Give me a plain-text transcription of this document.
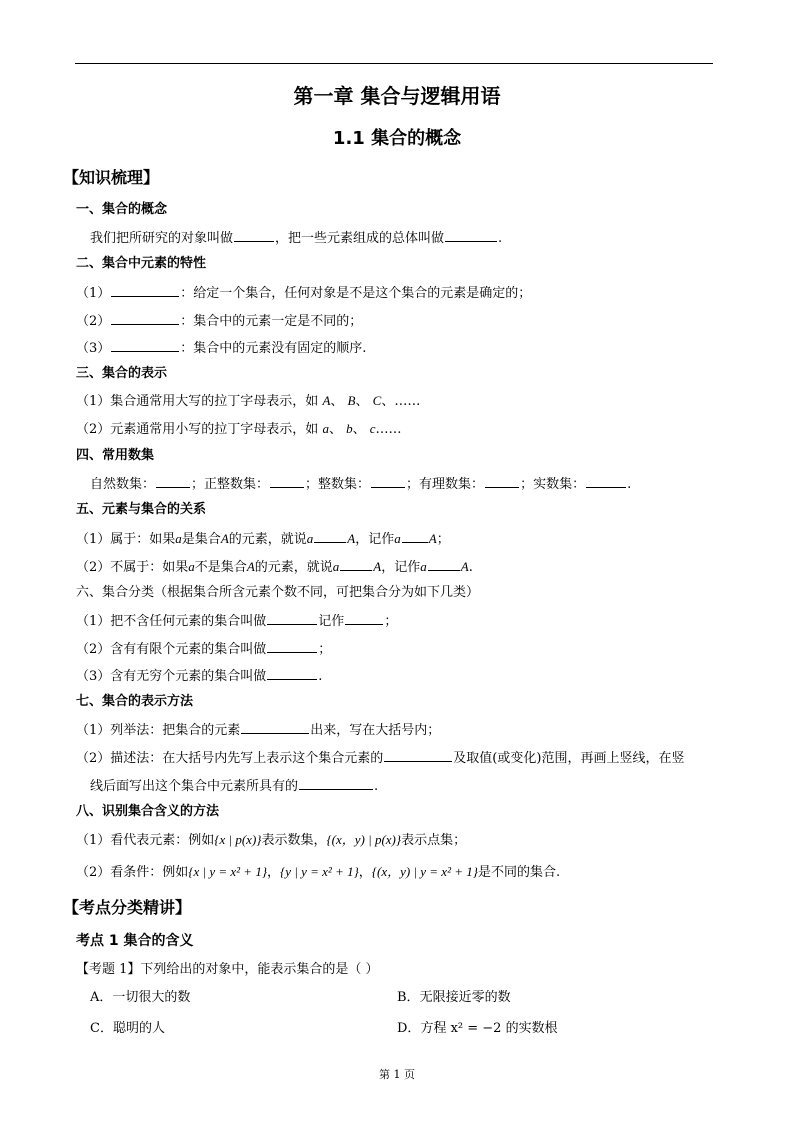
第一章 集合与逻辑用语
1.1 集合的概念
【知识梳理】
一、集合的概念
我们把所研究的对象叫做	，把一些元素组成的总体叫做	.
二、集合中元素的特性
（1）	：给定一个集合，任何对象是不是这个集合的元素是确定的；
（2）	：集合中的元素一定是不同的；
（3）	：集合中的元素没有固定的顺序.
三、集合的表示
（1）集合通常用大写的拉丁字母表示，如 A、 B、 C、……
（2）元素通常用小写的拉丁字母表示，如 a、 b、 c……
四、常用数集
自然数集：	；正整数集：	；整数集：	；有理数集：	；实数集：	.
五、元素与集合的关系
（1）属于：如果a是集合A的元素，就说a	A，记作a A；
（2）不属于：如果a不是集合A的元素，就说a	A，记作a	A.
六、集合分类（根据集合所含元素个数不同，可把集合分为如下几类）
（1）把不含任何元素的集合叫做	记作	；
（2）含有有限个元素的集合叫做	；
（3）含有无穷个元素的集合叫做	.
七、集合的表示方法
（1）列举法：把集合的元素	出来，写在大括号内；
（2）描述法：在大括号内先写上表示这个集合元素的	及取值(或变化)范围，再画上竖线，在竖
线后面写出这个集合中元素所具有的	.
八、识别集合含义的方法
（1）看代表元素：例如{x | p(x)}表示数集，{(x，y) | p(x)}表示点集；
（2）看条件：例如{x | y = x² + 1}，{y | y = x² + 1}，{(x，y) | y = x² + 1}是不同的集合.
【考点分类精讲】
考点 1 集合的含义
【考题 1】下列给出的对象中，能表示集合的是（ ）
A．一切很大的数	B．无限接近零的数
C．聪明的人	D．方程 x² = −2 的实数根
第 1 页
